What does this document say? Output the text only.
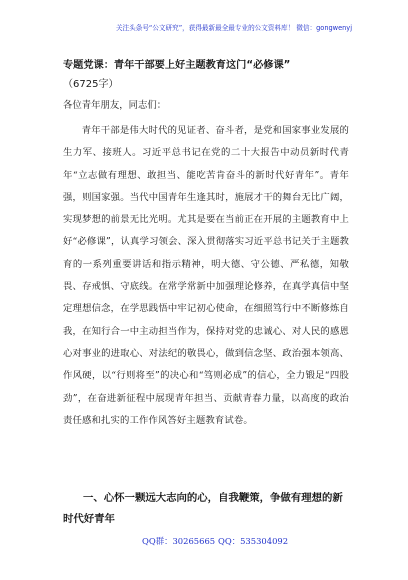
关注头条号“公文研究”，获得最新最全最专业的公文资料库！ 微信：gongwenyj
专题党课：青年干部要上好主题教育这门“必修课”
（6725字）
各位青年朋友，同志们：
青年干部是伟大时代的见证者、奋斗者，是党和国家事业发展的生力军、接班人。习近平总书记在党的二十大报告中动员新时代青年“立志做有理想、敢担当、能吃苦肯奋斗的新时代好青年”。青年强，则国家强。当代中国青年生逢其时，施展才干的舞台无比广阔，实现梦想的前景无比光明。尤其是要在当前正在开展的主题教育中上好“必修课”，认真学习领会、深入贯彻落实习近平总书记关于主题教育的一系列重要讲话和指示精神，明大德、守公德、严私德，知敬畏、存戒惧、守底线。在常学常新中加强理论修养，在真学真信中坚定理想信念，在学思践悟中牢记初心使命，在细照笃行中不断修炼自我，在知行合一中主动担当作为，保持对党的忠诚心、对人民的感恩心对事业的进取心、对法纪的敬畏心，做到信念坚、政治强本领高、作风硬，以“行则将至”的决心和“笃则必成”的信心，全力锻足“四股劲”，在奋进新征程中展现青年担当、贡献青春力量，以高度的政治责任感和扎实的工作作风答好主题教育试卷。
一、心怀一颗远大志向的心，自我鞭策，争做有理想的新时代好青年
QQ群：30265665 QQ：535304092
